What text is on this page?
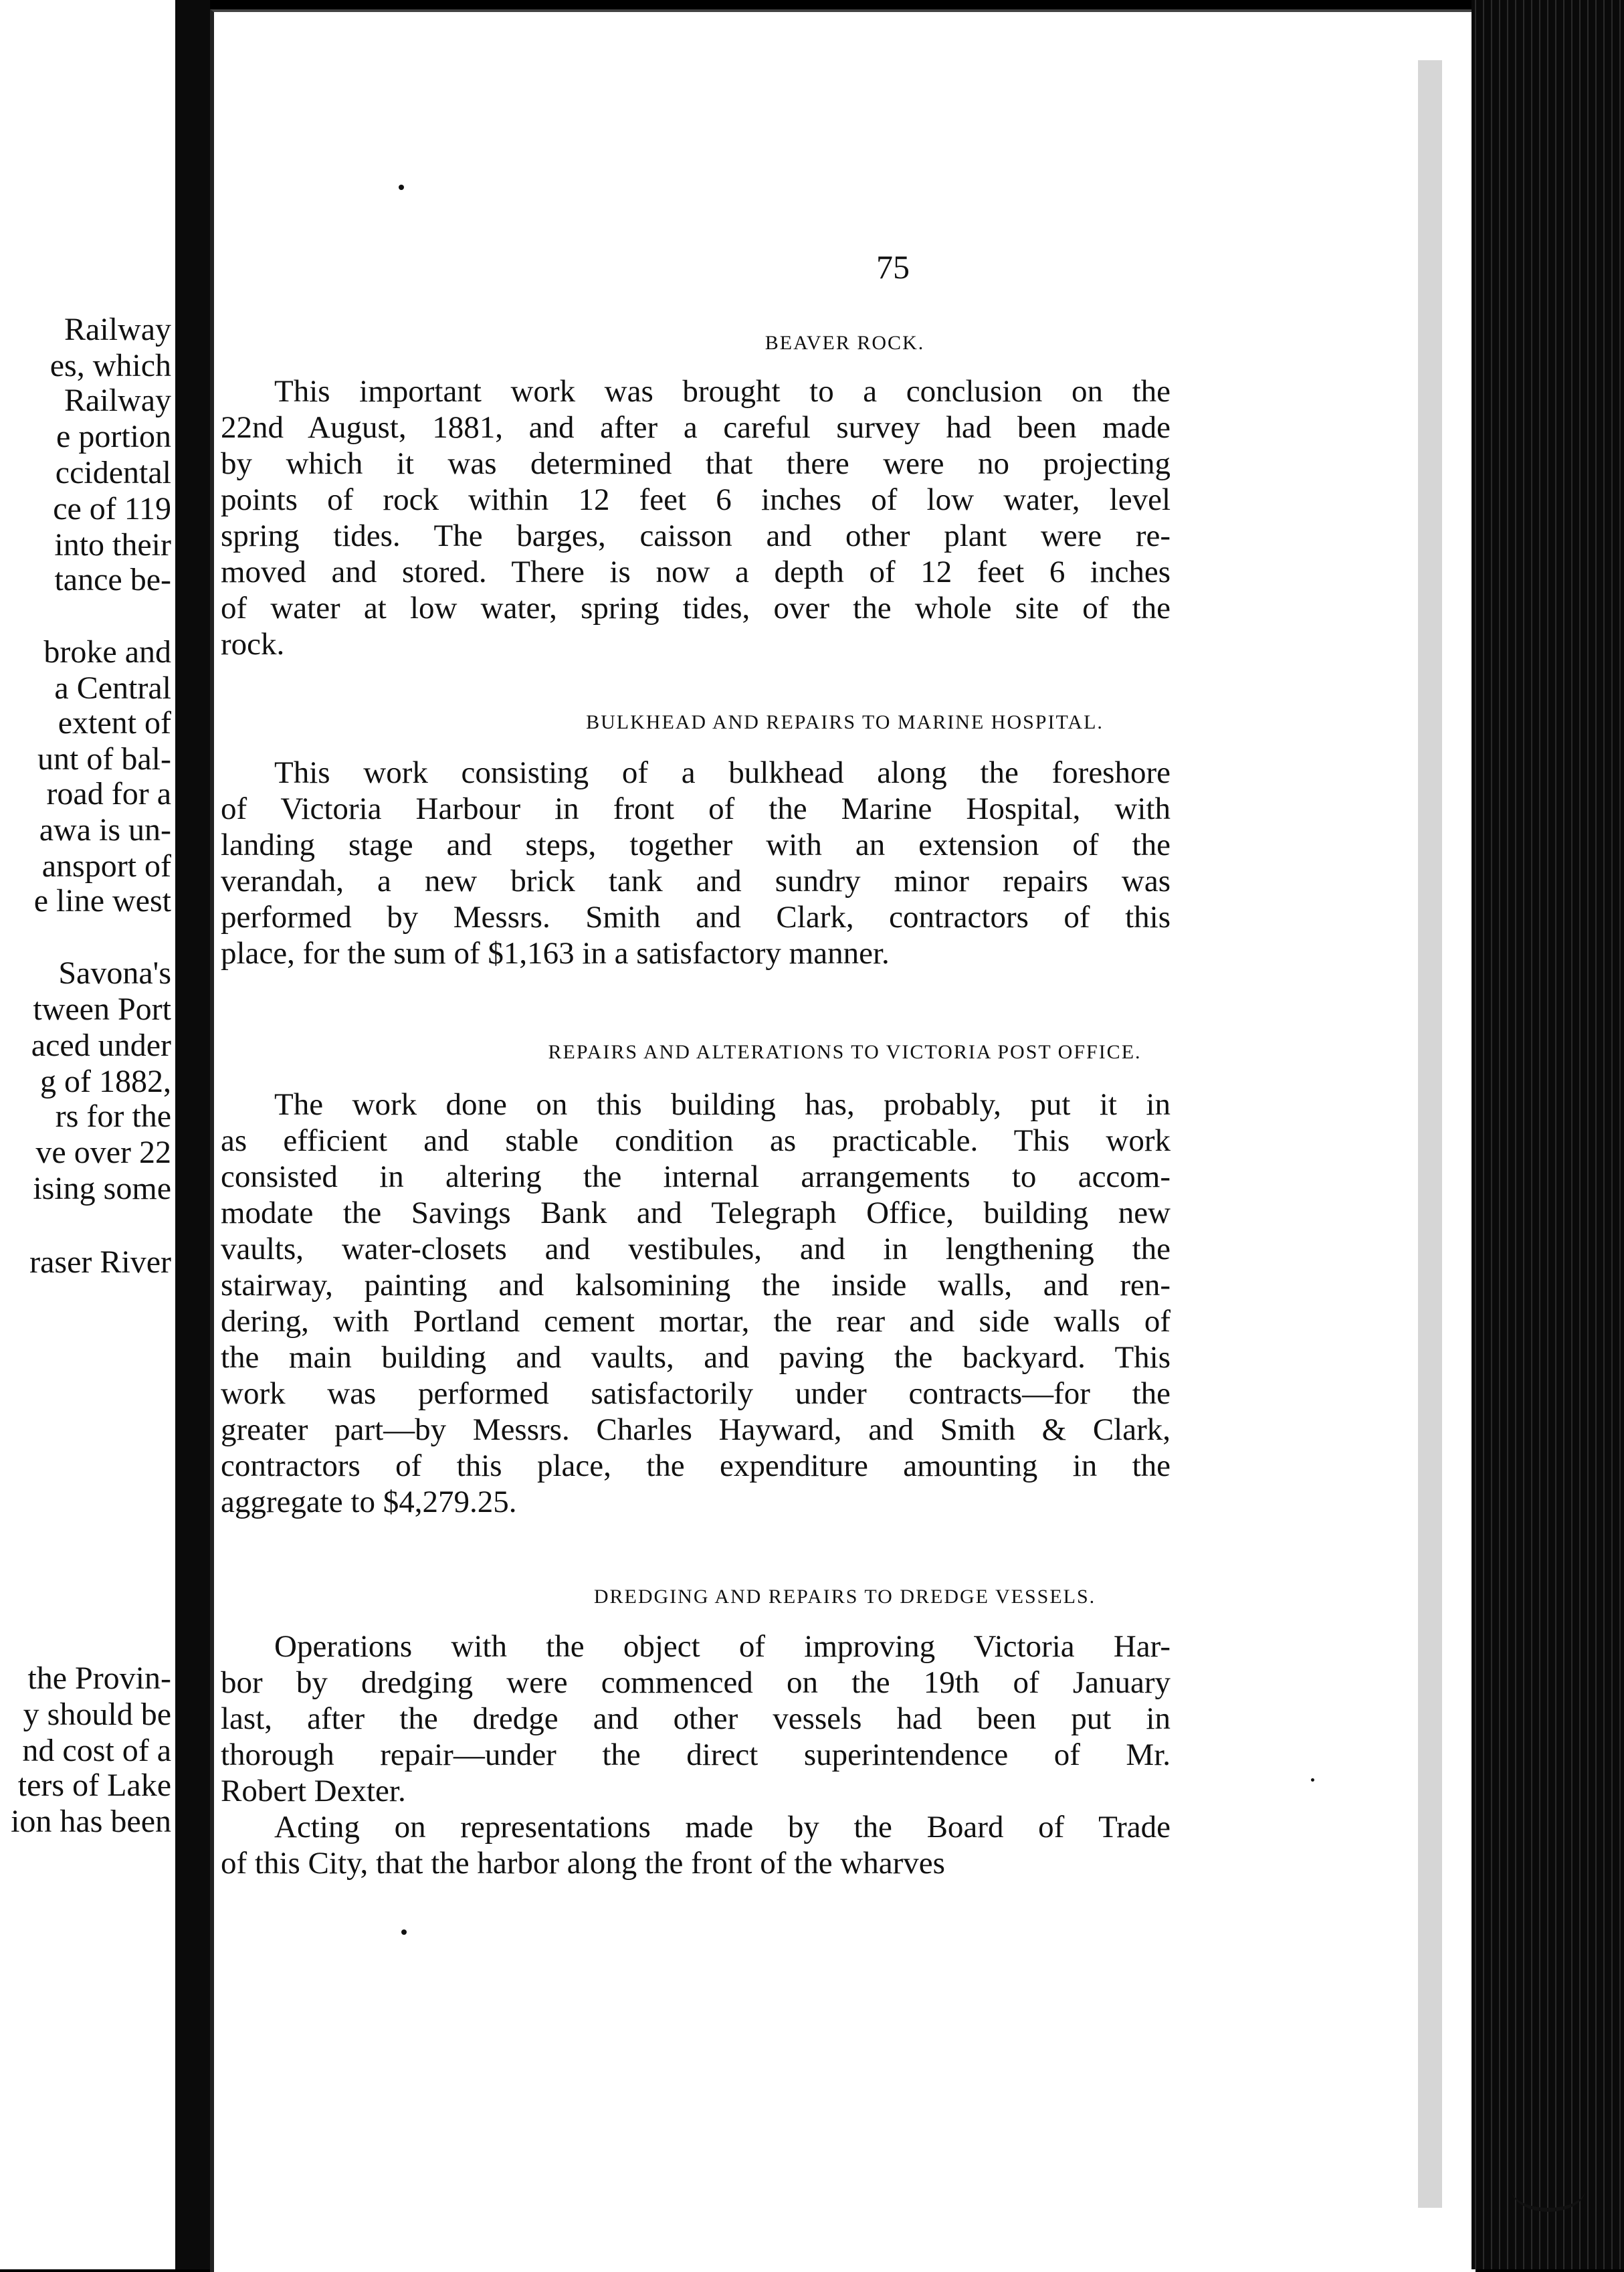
Railway
es, which
Railway
e portion
ccidental
ce of 119
into their
tance be-
broke and
a Central
extent of
unt of bal-
road for a
awa is un-
ansport of
e line west
Savona's
tween Port
aced under
g of 1882,
rs for the
ve over 22
ising some
raser River
the Provin-
y should be
nd cost of a
ters of Lake
ion has been
75
BEAVER ROCK.
This important work was brought to a conclusion on the
22nd August, 1881, and after a careful survey had been made
by which it was determined that there were no projecting
points of rock within 12 feet 6 inches of low water, level
spring tides. The barges, caisson and other plant were re-
moved and stored. There is now a depth of 12 feet 6 inches
of water at low water, spring tides, over the whole site of the
rock.
BULKHEAD AND REPAIRS TO MARINE HOSPITAL.
This work consisting of a bulkhead along the foreshore
of Victoria Harbour in front of the Marine Hospital, with
landing stage and steps, together with an extension of the
verandah, a new brick tank and sundry minor repairs was
performed by Messrs. Smith and Clark, contractors of this
place, for the sum of $1,163 in a satisfactory manner.
REPAIRS AND ALTERATIONS TO VICTORIA POST OFFICE.
The work done on this building has, probably, put it in
as efficient and stable condition as practicable. This work
consisted in altering the internal arrangements to accom-
modate the Savings Bank and Telegraph Office, building new
vaults, water-closets and vestibules, and in lengthening the
stairway, painting and kalsomining the inside walls, and ren-
dering, with Portland cement mortar, the rear and side walls of
the main building and vaults, and paving the backyard. This
work was performed satisfactorily under contracts—for the
greater part—by Messrs. Charles Hayward, and Smith & Clark,
contractors of this place, the expenditure amounting in the
aggregate to $4,279.25.
DREDGING AND REPAIRS TO DREDGE VESSELS.
Operations with the object of improving Victoria Har-
bor by dredging were commenced on the 19th of January
last, after the dredge and other vessels had been put in
thorough repair—under the direct superintendence of Mr.
Robert Dexter.
Acting on representations made by the Board of Trade
of this City, that the harbor along the front of the wharves
